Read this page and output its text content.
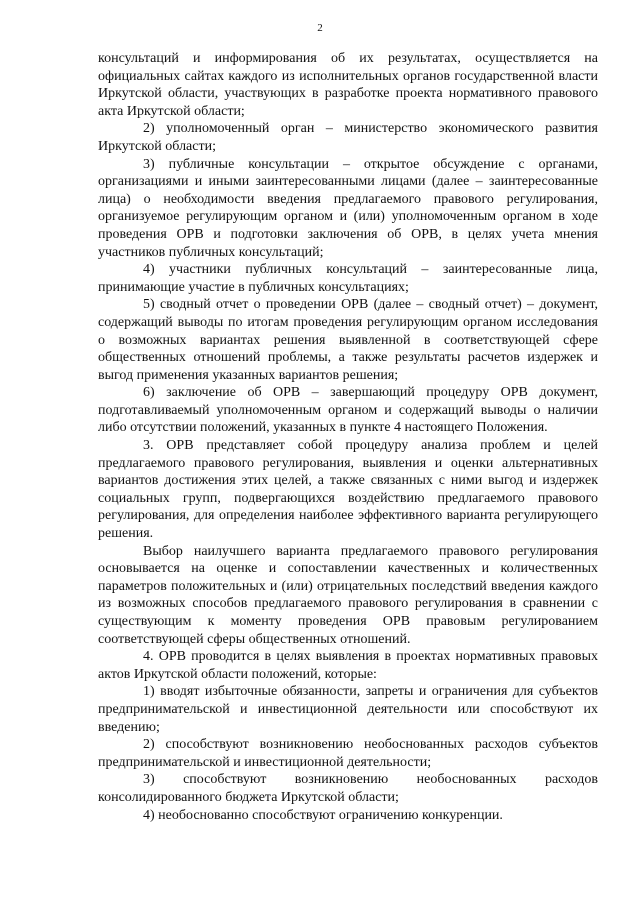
2

консультаций и информирования об их результатах, осуществляется на официальных сайтах каждого из исполнительных органов государственной власти Иркутской области, участвующих в разработке проекта нормативного правового акта Иркутской области;

2) уполномоченный орган – министерство экономического развития Иркутской области;

3) публичные консультации – открытое обсуждение с органами, организациями и иными заинтересованными лицами (далее – заинтересованные лица) о необходимости введения предлагаемого правового регулирования, организуемое регулирующим органом и (или) уполномоченным органом в ходе проведения ОРВ и подготовки заключения об ОРВ, в целях учета мнения участников публичных консультаций;

4) участники публичных консультаций – заинтересованные лица, принимающие участие в публичных консультациях;

5) сводный отчет о проведении ОРВ (далее – сводный отчет) – документ, содержащий выводы по итогам проведения регулирующим органом исследования о возможных вариантах решения выявленной в соответствующей сфере общественных отношений проблемы, а также результаты расчетов издержек и выгод применения указанных вариантов решения;

6) заключение об ОРВ – завершающий процедуру ОРВ документ, подготавливаемый уполномоченным органом и содержащий выводы о наличии либо отсутствии положений, указанных в пункте 4 настоящего Положения.

3. ОРВ представляет собой процедуру анализа проблем и целей предлагаемого правового регулирования, выявления и оценки альтернативных вариантов достижения этих целей, а также связанных с ними выгод и издержек социальных групп, подвергающихся воздействию предлагаемого правового регулирования, для определения наиболее эффективного варианта регулирующего решения.

Выбор наилучшего варианта предлагаемого правового регулирования основывается на оценке и сопоставлении качественных и количественных параметров положительных и (или) отрицательных последствий введения каждого из возможных способов предлагаемого правового регулирования в сравнении с существующим к моменту проведения ОРВ правовым регулированием соответствующей сферы общественных отношений.

4. ОРВ проводится в целях выявления в проектах нормативных правовых актов Иркутской области положений, которые:

1) вводят избыточные обязанности, запреты и ограничения для субъектов предпринимательской и инвестиционной деятельности или способствуют их введению;

2) способствуют возникновению необоснованных расходов субъектов предпринимательской и инвестиционной деятельности;

3) способствуют возникновению необоснованных расходов консолидированного бюджета Иркутской области;

4) необоснованно способствуют ограничению конкуренции.
